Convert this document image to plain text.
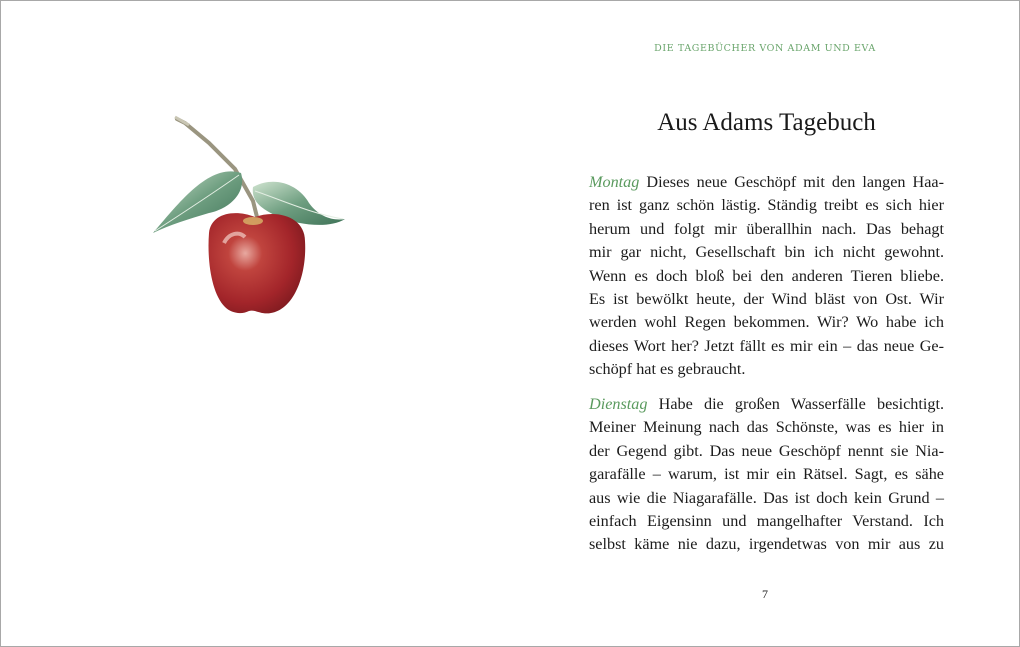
DIE TAGEBÜCHER VON ADAM UND EVA
Aus Adams Tagebuch
Montag Dieses neue Geschöpf mit den langen Haa-
ren ist ganz schön lästig. Ständig treibt es sich hier
herum und folgt mir überallhin nach. Das behagt
mir gar nicht, Gesellschaft bin ich nicht gewohnt.
Wenn es doch bloß bei den anderen Tieren bliebe.
Es ist bewölkt heute, der Wind bläst von Ost. Wir
werden wohl Regen bekommen. Wir? Wo habe ich
dieses Wort her? Jetzt fällt es mir ein – das neue Ge-
schöpf hat es gebraucht.
Dienstag Habe die großen Wasserfälle besichtigt.
Meiner Meinung nach das Schönste, was es hier in
der Gegend gibt. Das neue Geschöpf nennt sie Nia-
garafälle – warum, ist mir ein Rätsel. Sagt, es sähe
aus wie die Niagarafälle. Das ist doch kein Grund –
einfach Eigensinn und mangelhafter Verstand. Ich
selbst käme nie dazu, irgendetwas von mir aus zu
7
